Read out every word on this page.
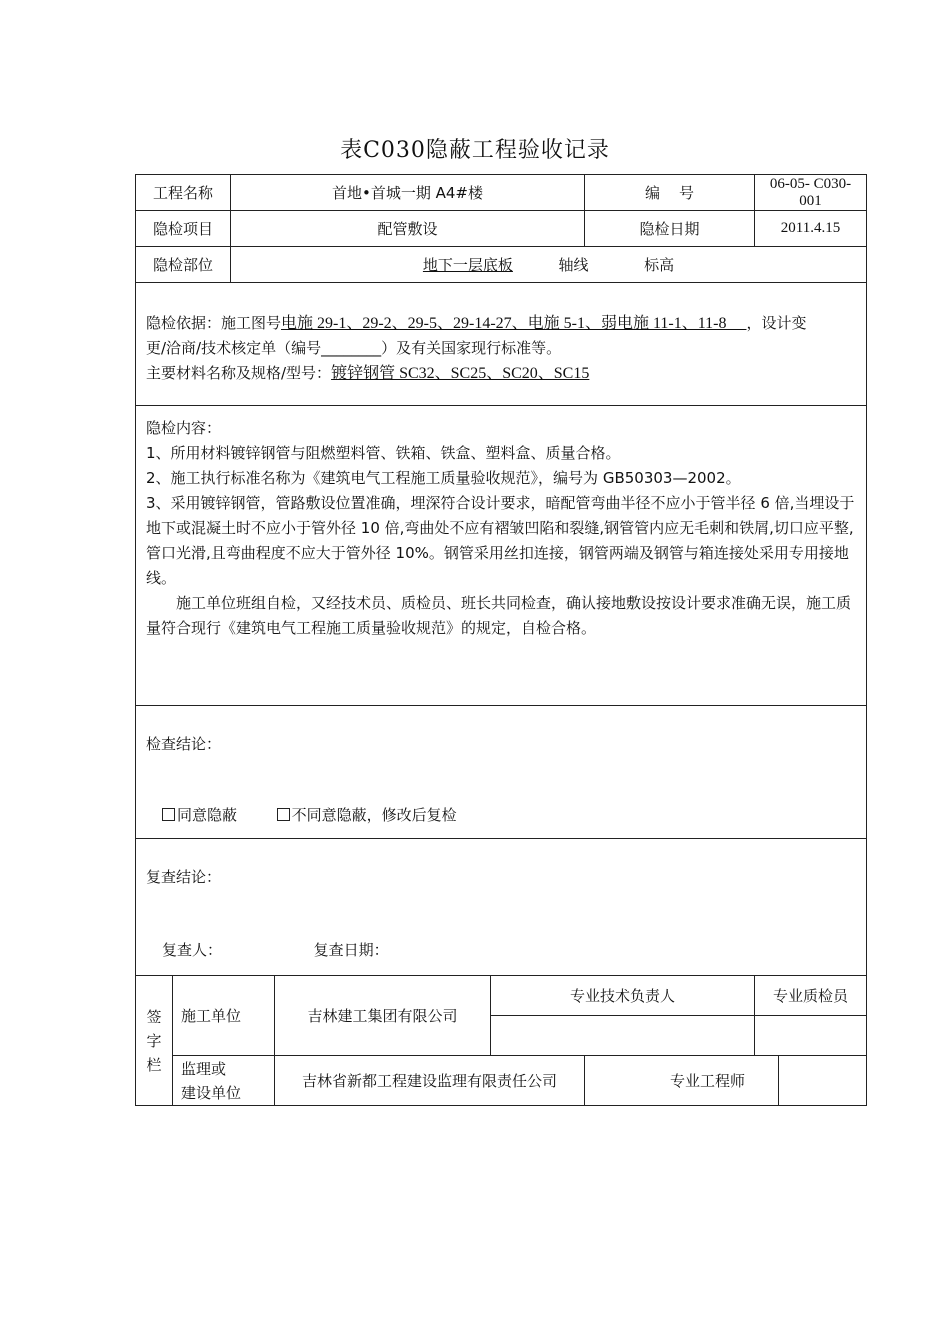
表C030隐蔽工程验收记录
工程名称		首地•首城一期 A4#楼			编    号	06-05- C030-001	
隐检项目		配管敷设			隐检日期	2011.4.15	
隐检部位		地下一层底板 轴线 标高					

隐检依据：施工图号电施 29-1、29-2、29-5、29-14-27、电施 5-1、弱电施 11-1、11-8     ，设计变
更/洽商/技术核定单（编号________）及有关国家现行标准等。
主要材料名称及规格/型号：镀锌钢管 SC32、SC25、SC20、SC15							

隐检内容：
1、所用材料镀锌钢管与阻燃塑料管、铁箱、铁盒、塑料盒、质量合格。
2、施工执行标准名称为《建筑电气工程施工质量验收规范》，编号为 GB50303—2002。
3、采用镀锌钢管，管路敷设位置准确，埋深符合设计要求，暗配管弯曲半径不应小于管半径 6 倍,当埋设于地下或混凝土时不应小于管外径 10 倍,弯曲处不应有褶皱凹陷和裂缝,钢管管内应无毛刺和铁屑,切口应平整,管口光滑,且弯曲程度不应大于管外径 10%。钢管采用丝扣连接，钢管两端及钢管与箱连接处采用专用接地线。
施工单位班组自检，又经技术员、质检员、班长共同检查，确认接地敷设按设计要求准确无误，施工质量符合现行《建筑电气工程施工质量验收规范》的规定，自检合格。							

检查结论：
同意隐蔽 不同意隐蔽，修改后复检							

复查结论：
复查人： 复查日期：							

签字栏	施工单位		吉林建工集团有限公司	专业技术负责人		专业质检员	

	监理或
建设单位		吉林省新都工程建设监理有限责任公司		专业工程师		
